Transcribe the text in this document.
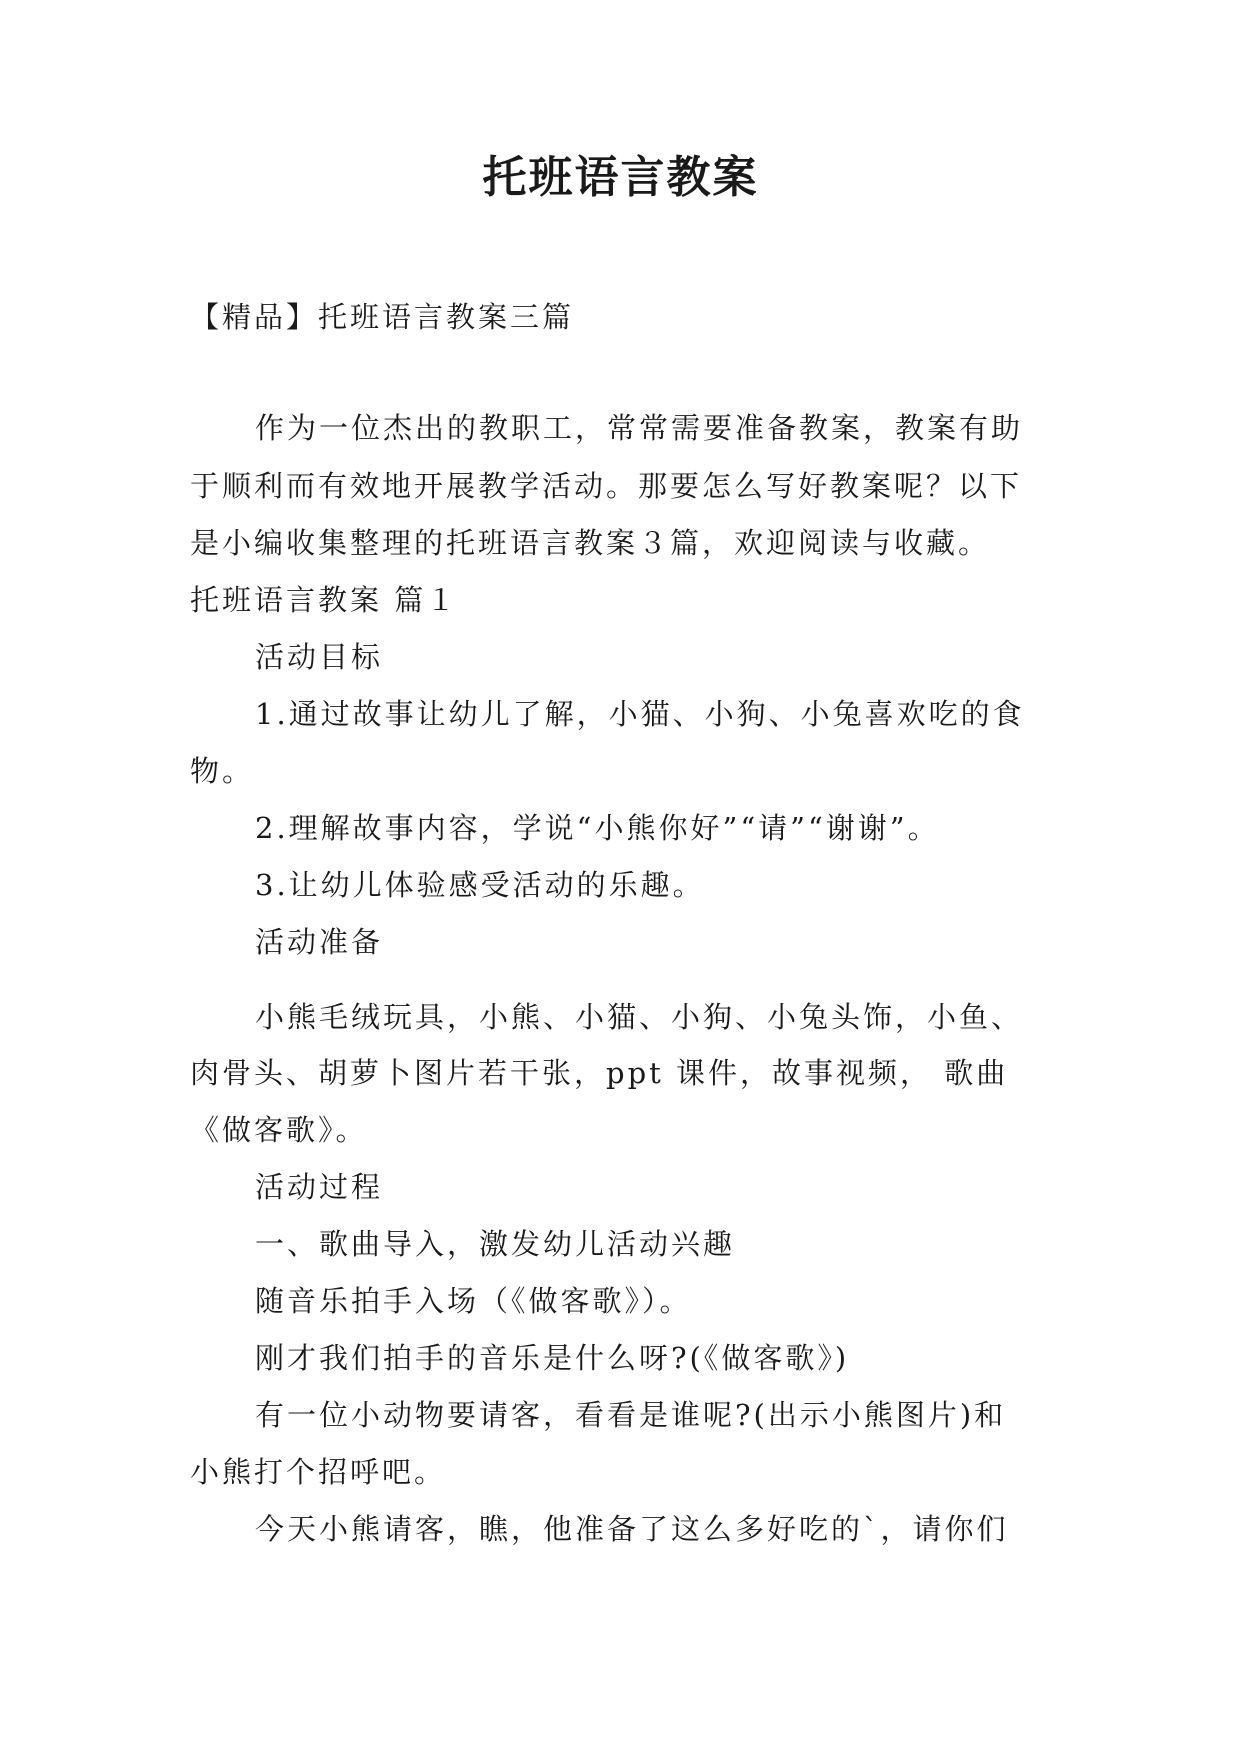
托班语言教案
【精品】托班语言教案三篇
作为一位杰出的教职工，常常需要准备教案，教案有助
于顺利而有效地开展教学活动。那要怎么写好教案呢？以下
是小编收集整理的托班语言教案３篇，欢迎阅读与收藏。
托班语言教案 篇１
活动目标
1.通过故事让幼儿了解，小猫、小狗、小兔喜欢吃的食
物。
2.理解故事内容，学说“小熊你好”“请”“谢谢”。
3.让幼儿体验感受活动的乐趣。
活动准备
小熊毛绒玩具，小熊、小猫、小狗、小兔头饰，小鱼、
肉骨头、胡萝卜图片若干张，ppt 课件，故事视频， 歌曲
《做客歌》。
活动过程
一、歌曲导入，激发幼儿活动兴趣
随音乐拍手入场（《做客歌》）。
刚才我们拍手的音乐是什么呀?(《做客歌》)
有一位小动物要请客，看看是谁呢?(出示小熊图片)和
小熊打个招呼吧。
今天小熊请客，瞧，他准备了这么多好吃的`，请你们
